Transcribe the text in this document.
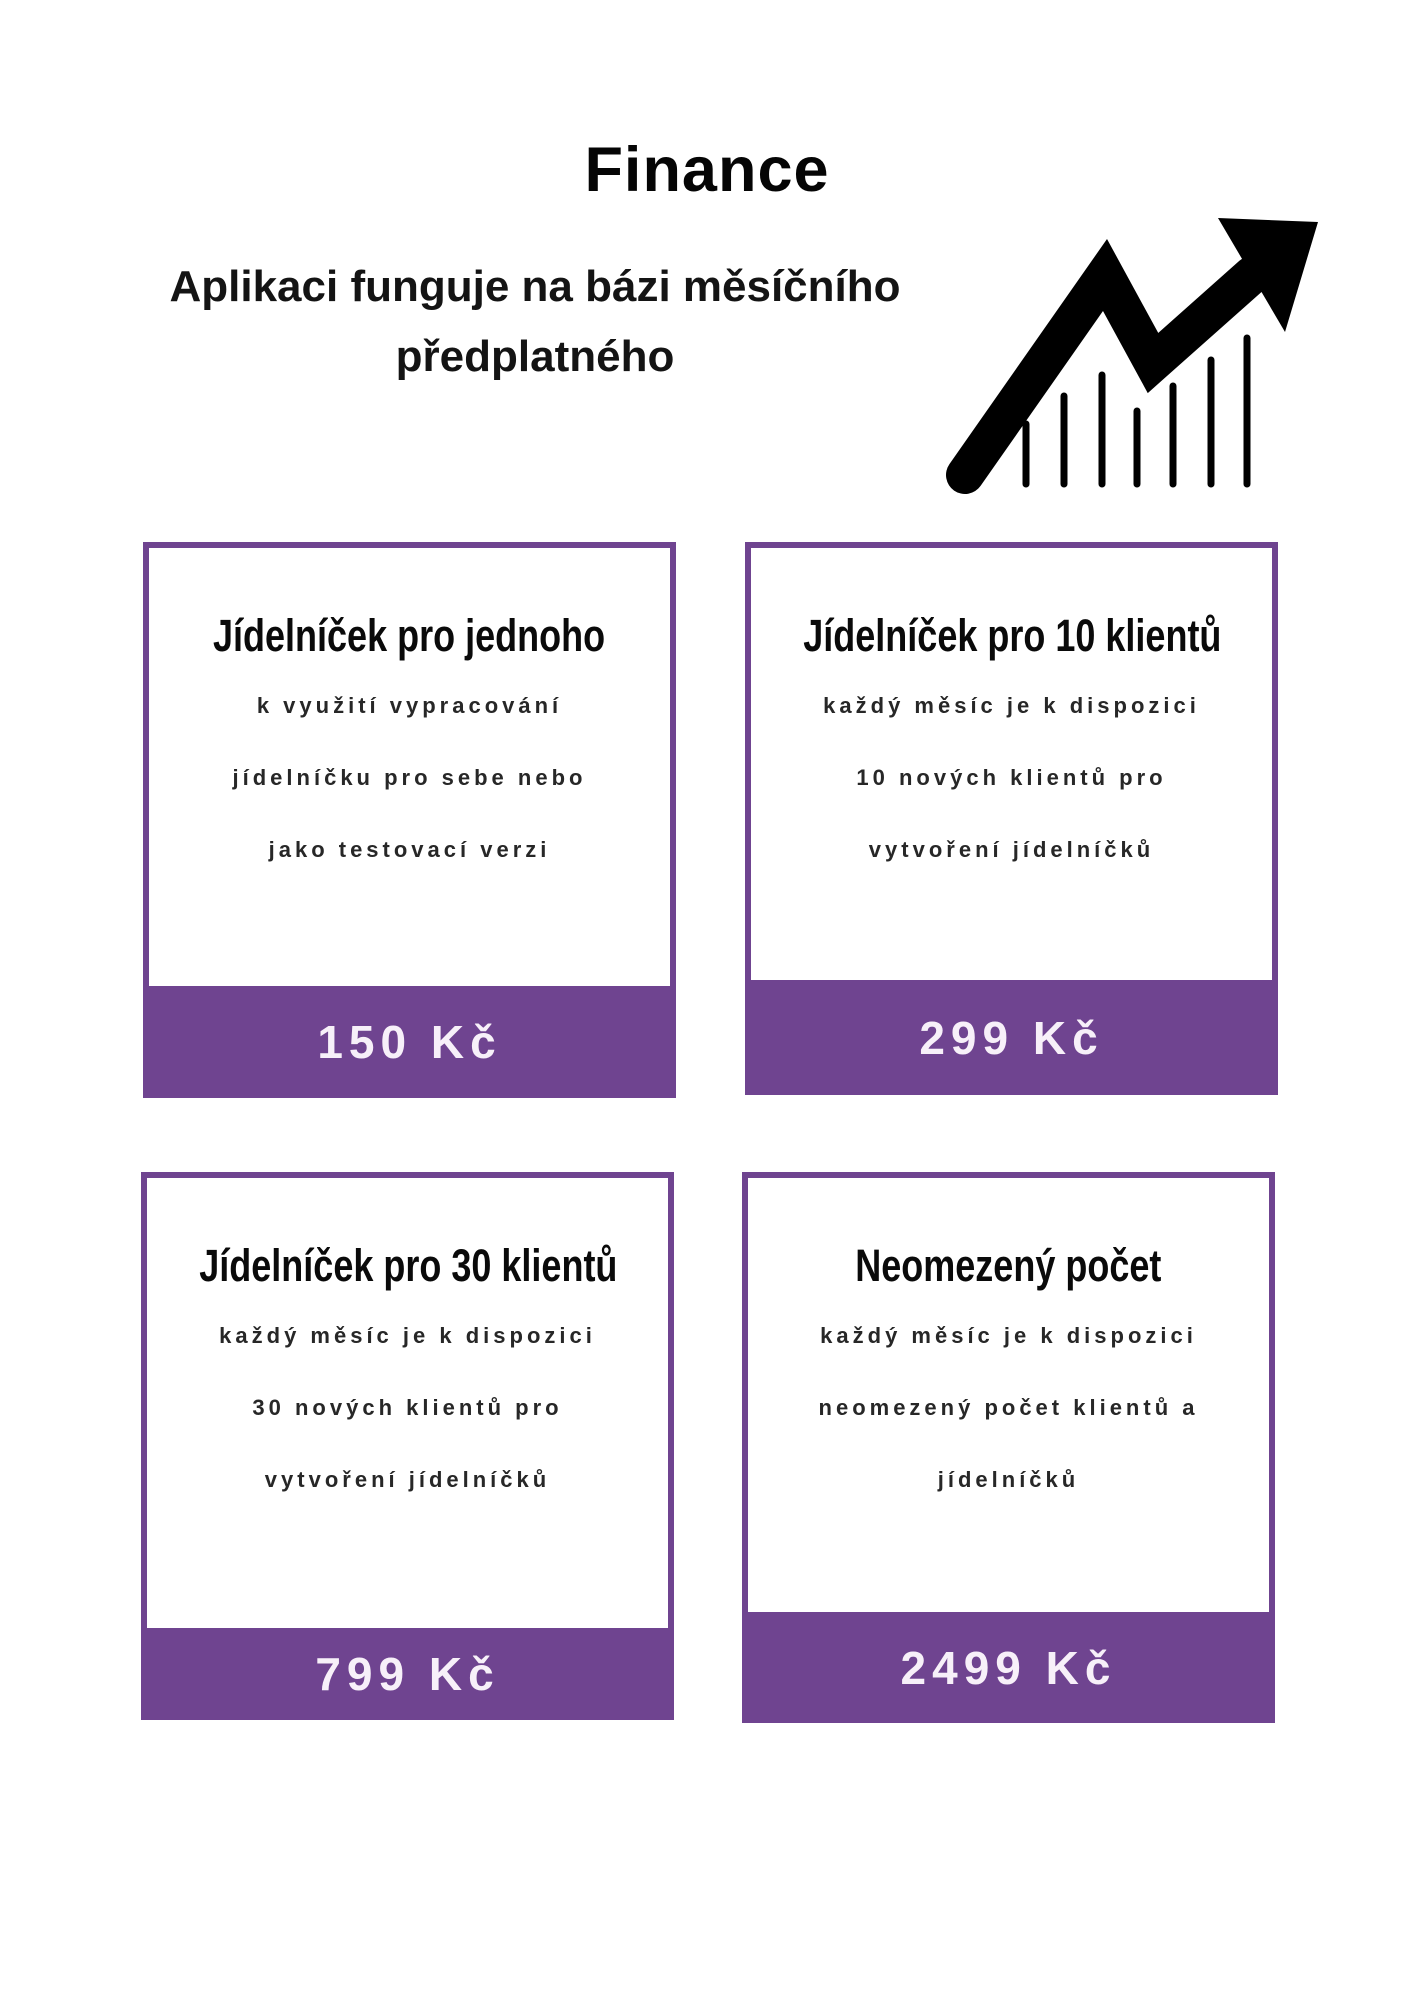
Finance
Aplikaci funguje na bázi měsíčního
předplatného
Jídelníček pro jednoho

k využití vypracování

jídelníčku pro sebe nebo

jako testovací verzi

150 Kč
Jídelníček pro 10 klientů

každý měsíc je k dispozici

10 nových klientů pro

vytvoření jídelníčků

299 Kč
Jídelníček pro 30 klientů

každý měsíc je k dispozici

30 nových klientů pro

vytvoření jídelníčků

799 Kč
Neomezený počet

každý měsíc je k dispozici

neomezený počet klientů a

jídelníčků

2499 Kč
